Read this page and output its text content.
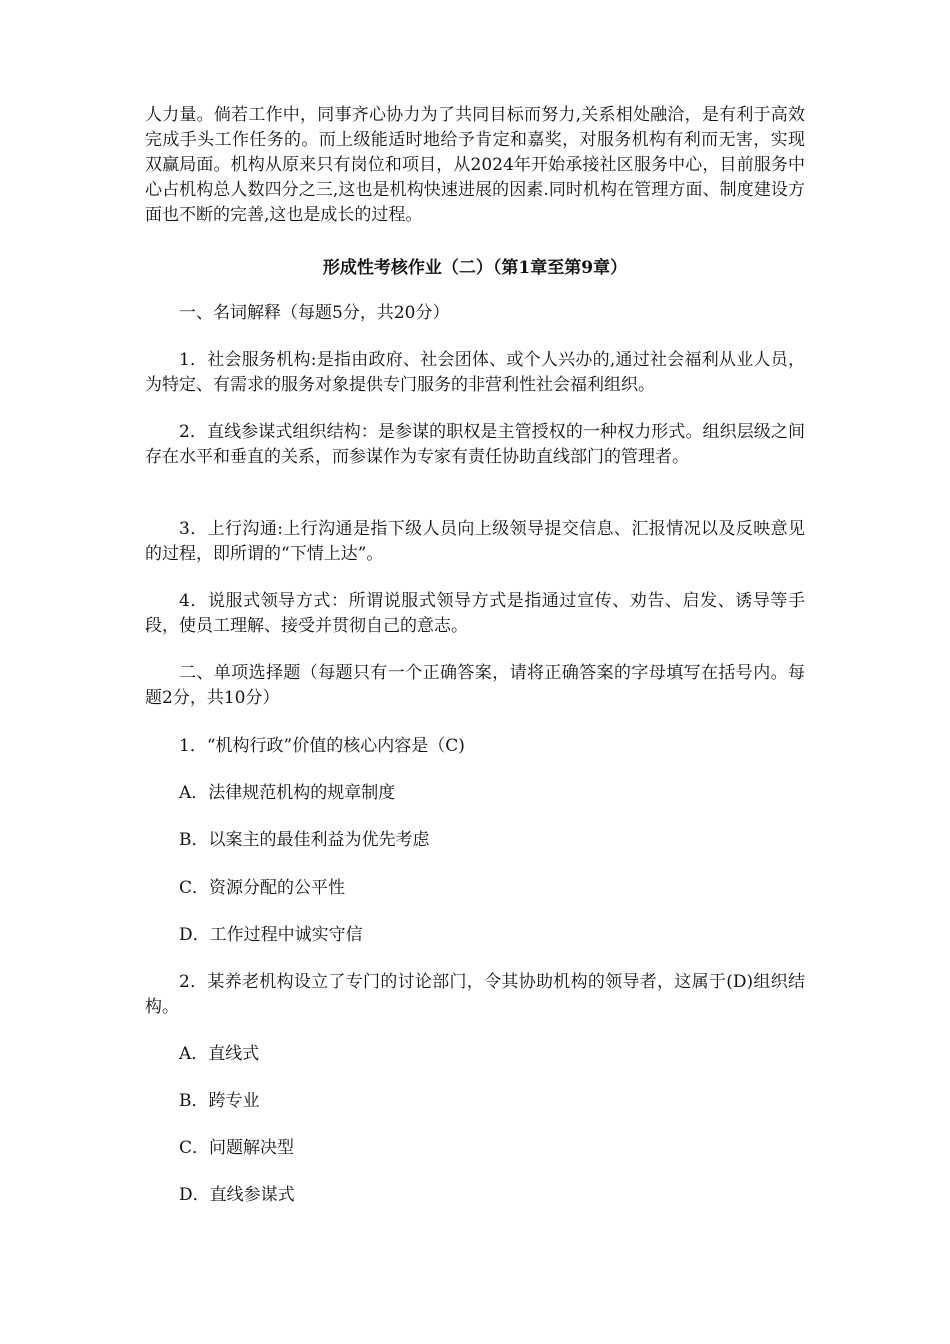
人力量。倘若工作中，同事齐心协力为了共同目标而努力,关系相处融洽，是有利于高效完成手头工作任务的。而上级能适时地给予肯定和嘉奖，对服务机构有利而无害，实现双赢局面。机构从原来只有岗位和项目，从2024年开始承接社区服务中心，目前服务中心占机构总人数四分之三,这也是机构快速进展的因素.同时机构在管理方面、制度建设方面也不断的完善,这也是成长的过程。

形成性考核作业（二）（第1章至第9章）

一、名词解释（每题5分，共20分）

1．社会服务机构:是指由政府、社会团体、或个人兴办的,通过社会福利从业人员，为特定、有需求的服务对象提供专门服务的非营利性社会福利组织。

2．直线参谋式组织结构：是参谋的职权是主管授权的一种权力形式。组织层级之间存在水平和垂直的关系，而参谋作为专家有责任协助直线部门的管理者。

3．上行沟通:上行沟通是指下级人员向上级领导提交信息、汇报情况以及反映意见的过程，即所谓的“下情上达”。

4．说服式领导方式：所谓说服式领导方式是指通过宣传、劝告、启发、诱导等手段，使员工理解、接受并贯彻自己的意志。

二、单项选择题（每题只有一个正确答案，请将正确答案的字母填写在括号内。每题2分，共10分）

1．“机构行政”价值的核心内容是（C)

A．法律规范机构的规章制度

B．以案主的最佳利益为优先考虑

C．资源分配的公平性

D．工作过程中诚实守信

2．某养老机构设立了专门的讨论部门，令其协助机构的领导者，这属于(D)组织结构。

A．直线式

B．跨专业

C．问题解决型

D．直线参谋式
